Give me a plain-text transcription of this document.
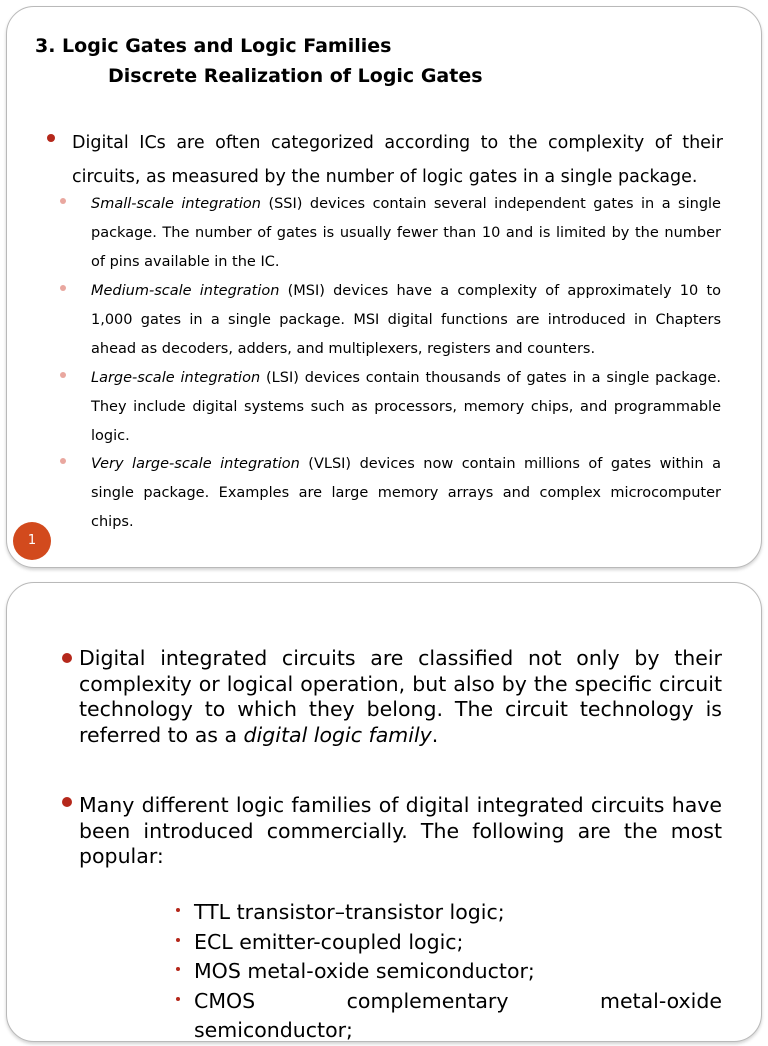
3. Logic Gates and Logic Families
Discrete Realization of Logic Gates
Digital ICs are often categorized according to the complexity of their circuits, as measured by the number of logic gates in a single package.
Small-scale integration (SSI) devices contain several independent gates in a single package. The number of gates is usually fewer than 10 and is limited by the number of pins available in the IC.
Medium-scale integration (MSI) devices have a complexity of approximately 10 to 1,000 gates in a single package. MSI digital functions are introduced in Chapters ahead as decoders, adders, and multiplexers, registers and counters.
Large-scale integration (LSI) devices contain thousands of gates in a single package. They include digital systems such as processors, memory chips, and programmable logic.
Very large-scale integration (VLSI) devices now contain millions of gates within a single package. Examples are large memory arrays and complex microcomputer chips.
1
Digital integrated circuits are classified not only by their complexity or logical operation, but also by the specific circuit technology to which they belong. The circuit technology is referred to as a digital logic family.
Many different logic families of digital integrated circuits have been introduced commercially. The following are the most popular:
TTL transistor–transistor logic;
ECL emitter-coupled logic;
MOS metal-oxide semiconductor;
CMOS complementary metal-oxide
semiconductor;
